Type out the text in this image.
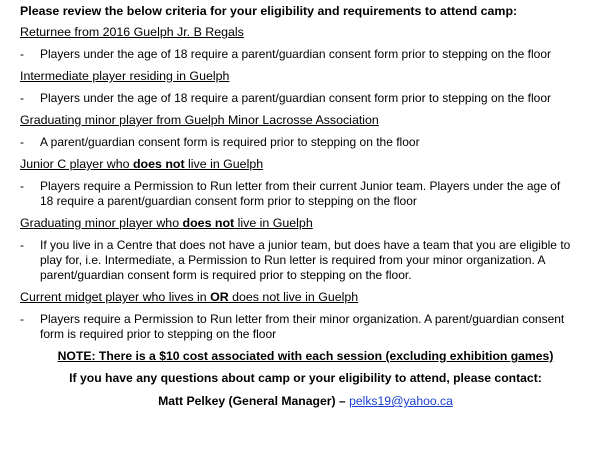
Please review the below criteria for your eligibility and requirements to attend camp:
Returnee from 2016 Guelph Jr. B Regals
-	Players under the age of 18 require a parent/guardian consent form prior to stepping on the floor
Intermediate player residing in Guelph
-	Players under the age of 18 require a parent/guardian consent form prior to stepping on the floor
Graduating minor player from Guelph Minor Lacrosse Association
-	A parent/guardian consent form is required prior to stepping on the floor
Junior C player who does not live in Guelph
-	Players require a Permission to Run letter from their current Junior team. Players under the age of 18 require a parent/guardian consent form prior to stepping on the floor
Graduating minor player who does not live in Guelph
-	If you live in a Centre that does not have a junior team, but does have a team that you are eligible to play for, i.e. Intermediate, a Permission to Run letter is required from your minor organization. A parent/guardian consent form is required prior to stepping on the floor.
Current midget player who lives in OR does not live in Guelph
-	Players require a Permission to Run letter from their minor organization. A parent/guardian consent form is required prior to stepping on the floor
NOTE: There is a $10 cost associated with each session (excluding exhibition games)
If you have any questions about camp or your eligibility to attend, please contact:
Matt Pelkey (General Manager) – pelks19@yahoo.ca
